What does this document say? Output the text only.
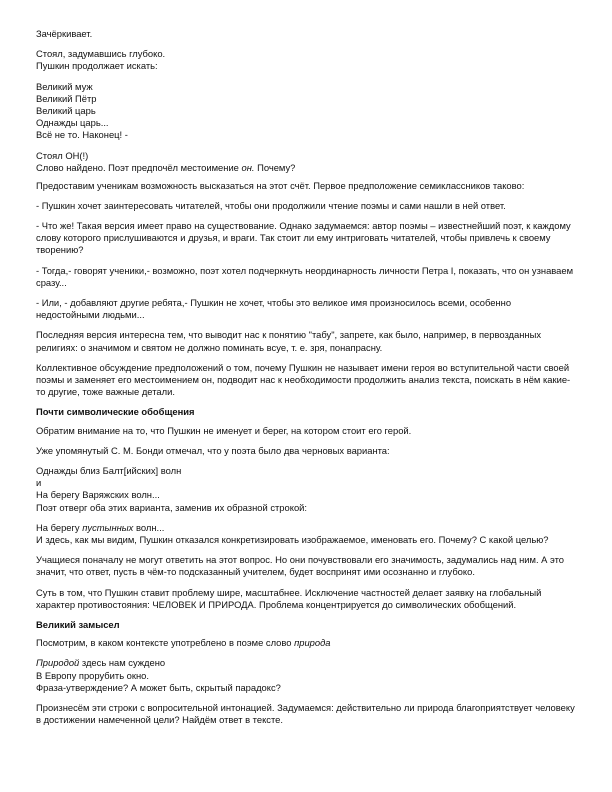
Зачёркивает.

Стоял, задумавшись глубоко.

Пушкин продолжает искать:

Великий муж
Великий Пётр
Великий царь
Однажды царь...
Всё не то. Наконец! -

Стоял ОН(!)

Слово найдено. Поэт предпочёл местоимение он. Почему?

Предоставим ученикам возможность высказаться на этот счёт. Первое предположение семиклассников таково:

- Пушкин хочет заинтересовать читателей, чтобы они продолжили чтение поэмы и сами нашли в ней ответ.

- Что же! Такая версия имеет право на существование. Однако задумаемся: автор поэмы – известнейший поэт, к каждому слову которого прислушиваются и друзья, и враги. Так стоит ли ему интриговать читателей, чтобы привлечь к своему творению?

- Тогда,- говорят ученики,- возможно, поэт хотел подчеркнуть неординарность личности Петра I, показать, что он узнаваем сразу...

- Или, - добавляют другие ребята,- Пушкин не хочет, чтобы это великое имя произносилось всеми, особенно недостойными людьми...

Последняя версия интересна тем, что выводит нас к понятию "табу", запрете, как было, например, в первозданных религиях: о значимом и святом не должно поминать всуе, т. е. зря, понапрасну.

Коллективное обсуждение предположений о том, почему Пушкин не называет имени героя во вступительной части своей поэмы и заменяет его местоимением он, подводит нас к необходимости продолжить анализ текста, поискать в нём какие-то другие, тоже важные детали.

Почти символические обобщения

Обратим внимание на то, что Пушкин не именует и берег, на котором стоит его герой.

Уже упомянутый С. М. Бонди отмечал, что у поэта было два черновых варианта:

Однажды близ Балт[ийских] волн
и
На берегу Варяжских волн...
Поэт отверг оба этих варианта, заменив их образной строкой:
На берегу пустынных волн...

И здесь, как мы видим, Пушкин отказался конкретизировать изображаемое, именовать его. Почему? С какой целью?

Учащиеся поначалу не могут ответить на этот вопрос. Но они почувствовали его значимость, задумались над ним. А это значит, что ответ, пусть в чём-то подсказанный учителем, будет воспринят ими осознанно и глубоко.

Суть в том, что Пушкин ставит проблему шире, масштабнее. Исключение частностей делает заявку на глобальный характер противостояния: ЧЕЛОВЕК И ПРИРОДА. Проблема концентрируется до символических обобщений.

Великий замысел

Посмотрим, в каком контексте употреблено в поэме слово природа

Природой здесь нам суждено
В Европу прорубить окно.
Фраза-утверждение? А может быть, скрытый парадокс?

Произнесём эти строки с вопросительной интонацией. Задумаемся: действительно ли природа благоприятствует человеку в достижении намеченной цели? Найдём ответ в тексте.
